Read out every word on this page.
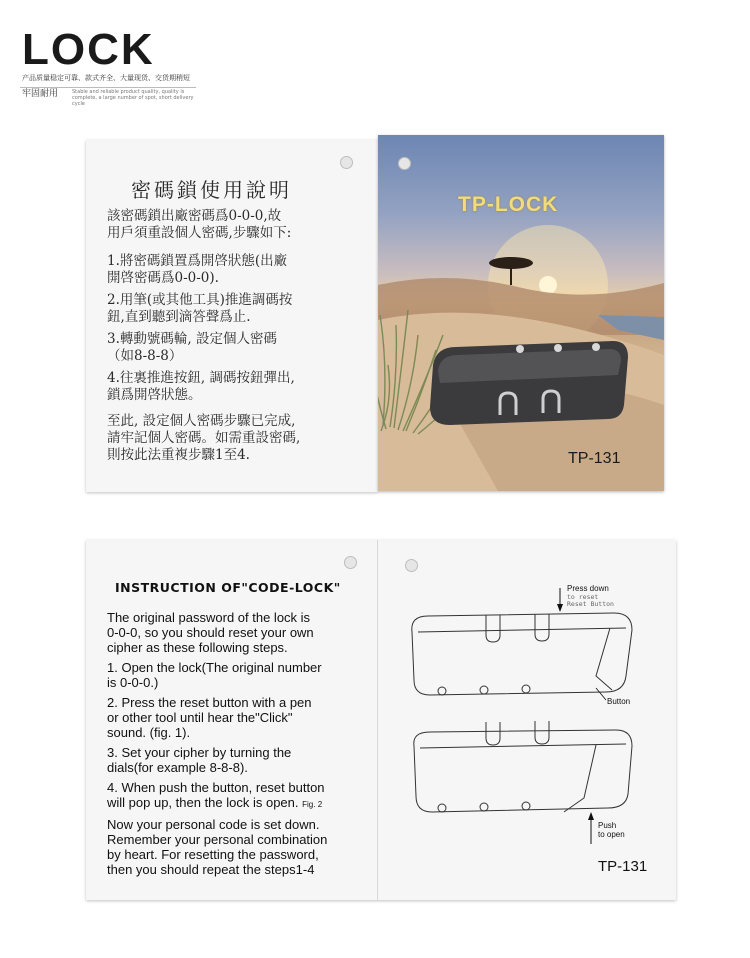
LOCK
产品质量稳定可靠、款式齐全、大量现货、交货期稍短
牢固耐用	Stable and reliable product quality, quality is complete, a large number of spot, short delivery cycle
密碼鎖使用說明
該密碼鎖出廠密碼爲0-0-0,故
用戶須重設個人密碼,步驟如下:
1.將密碼鎖置爲開啓狀態(出廠
開啓密碼爲0-0-0).
2.用筆(或其他工具)推進調碼按
鈕,直到聽到滴答聲爲止.
3.轉動號碼輪, 設定個人密碼
（如8-8-8）
4.往裏推進按鈕, 調碼按鈕彈出,
鎖爲開啓狀態。
至此, 設定個人密碼步驟已完成,
請牢記個人密碼。如需重設密碼,
則按此法重複步驟1至4.
TP-LOCK
TP-131
INSTRUCTION OF"CODE-LOCK"
The original password of the lock is
0-0-0, so you should reset your own
cipher as these following steps.
1. Open the lock(The original number
is 0-0-0.)
2. Press the reset button with a pen
or other tool until hear the"Click"
sound. (fig. 1).
3. Set your cipher by turning the
dials(for example 8-8-8).
4. When push the button, reset button
will pop up, then the lock is open. Fig. 2
Now your personal code is set down.
Remember your personal combination
by heart. For resetting the password,
then you should repeat the steps1-4
Press down
to reset
Reset Button
Button
Push
to open
TP-131
